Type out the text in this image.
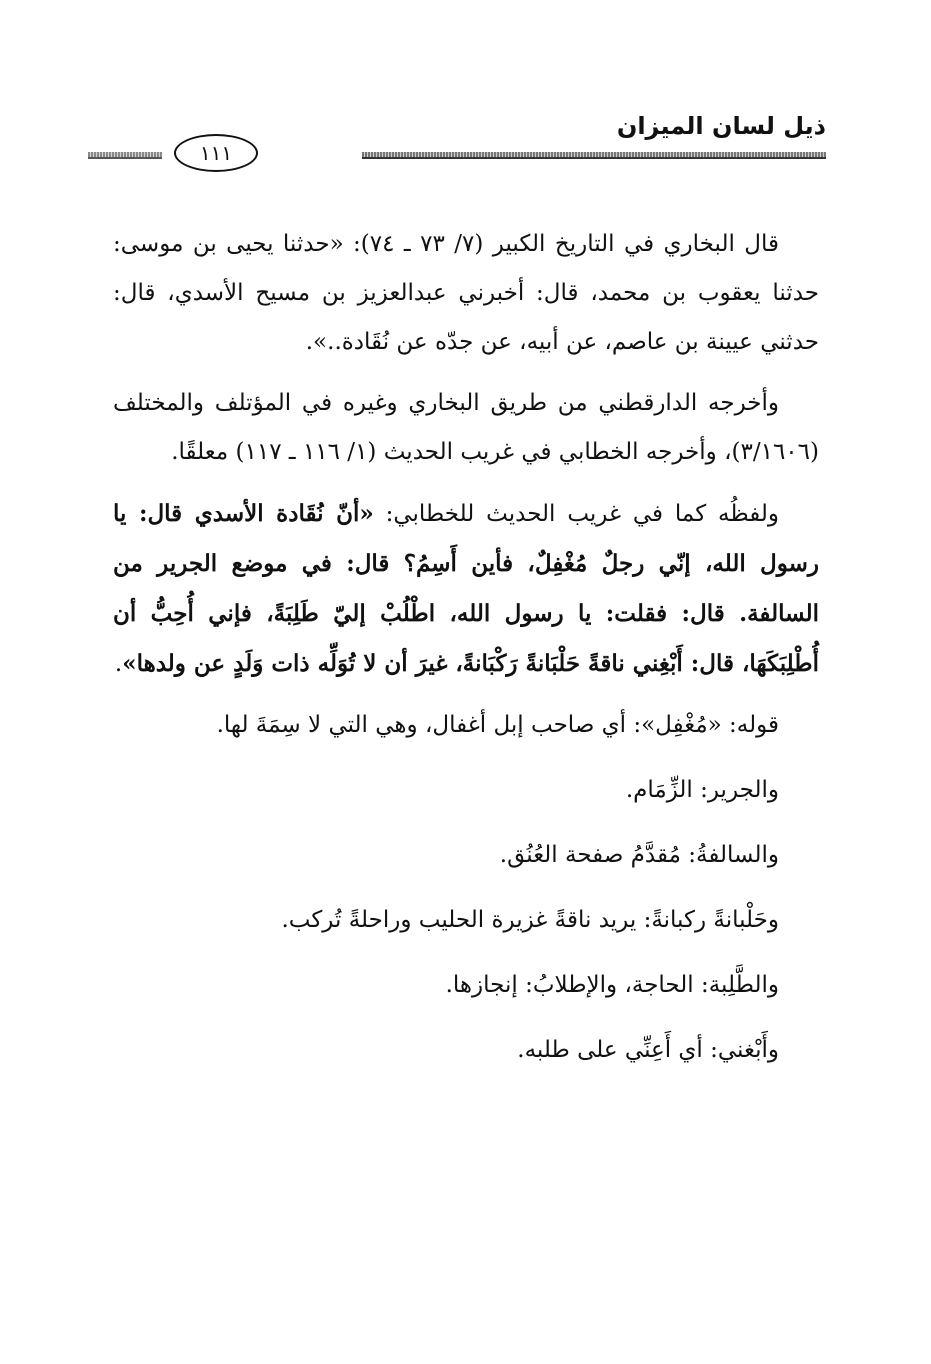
ذيل لسان الميزان
١١١

قال البخاري في التاريخ الكبير (٧/ ٧٣ ـ ٧٤): «حدثنا يحيى بن موسى: حدثنا يعقوب بن محمد، قال: أخبرني عبدالعزيز بن مسيح الأسدي، قال: حدثني عيينة بن عاصم، عن أبيه، عن جدّه عن نُقَادة..».

وأخرجه الدارقطني من طريق البخاري وغيره في المؤتلف والمختلف (٣/١٦٠٦)، وأخرجه الخطابي في غريب الحديث (١/ ١١٦ ـ ١١٧) معلقًا.

ولفظُه كما في غريب الحديث للخطابي: «أنّ نُقَادة الأسدي قال: يا رسول الله، إنّي رجلٌ مُغْفِلٌ، فأين أَسِمُ؟ قال: في موضع الجرير من السالفة. قال: فقلت: يا رسول الله، اطْلُبْ إليّ طَلِبَةً، فإني أُحِبُّ أن أُطْلِبَكَهَا، قال: أَبْغِني ناقةً حَلْبَانةً رَكْبَانةً، غيرَ أن لا تُوَلِّه ذات وَلَدٍ عن ولدها».

قوله: «مُغْفِل»: أي صاحب إبل أغفال، وهي التي لا سِمَةَ لها.

والجرير: الزِّمَام.

والسالفةُ: مُقدَّمُ صفحة العُنُق.

وحَلْبانةً ركبانةً: يريد ناقةً غزيرة الحليب وراحلةً تُركب.

والطَّلِبة: الحاجة، والإطلابُ: إنجازها.

وأَبْغني: أي أَعِنِّي على طلبه.
